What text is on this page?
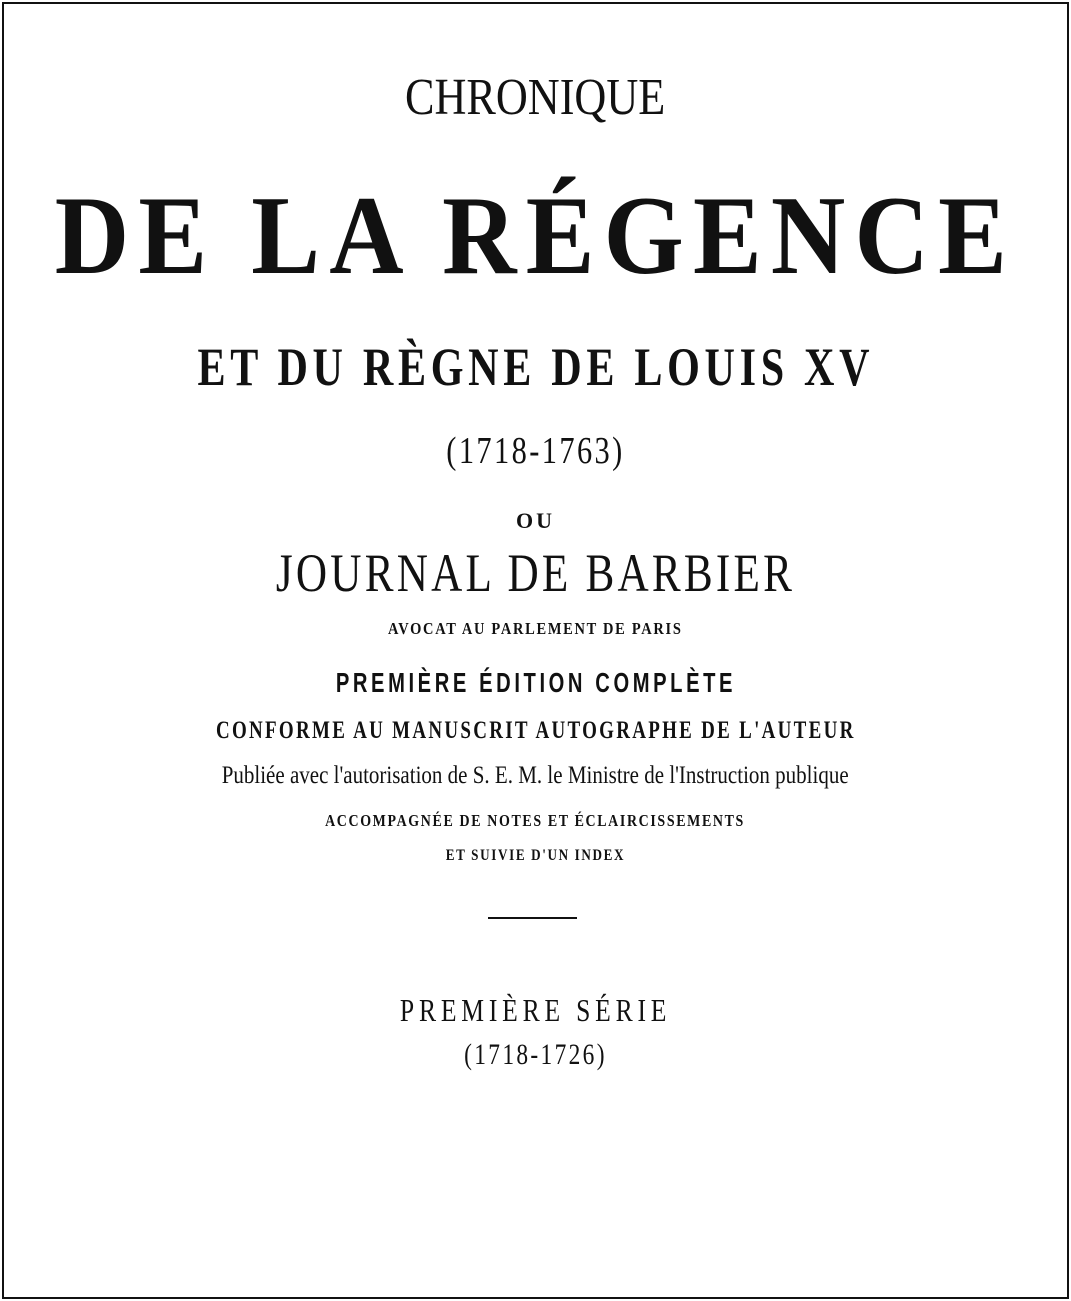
CHRONIQUE
DE LA RÉGENCE
ET DU RÈGNE DE LOUIS XV
(1718-1763)
OU
JOURNAL DE BARBIER
AVOCAT AU PARLEMENT DE PARIS
PREMIÈRE ÉDITION COMPLÈTE
CONFORME AU MANUSCRIT AUTOGRAPHE DE L'AUTEUR
Publiée avec l'autorisation de S. E. M. le Ministre de l'Instruction publique
ACCOMPAGNÉE DE NOTES ET ÉCLAIRCISSEMENTS
ET SUIVIE D'UN INDEX
PREMIÈRE SÉRIE
(1718-1726)
